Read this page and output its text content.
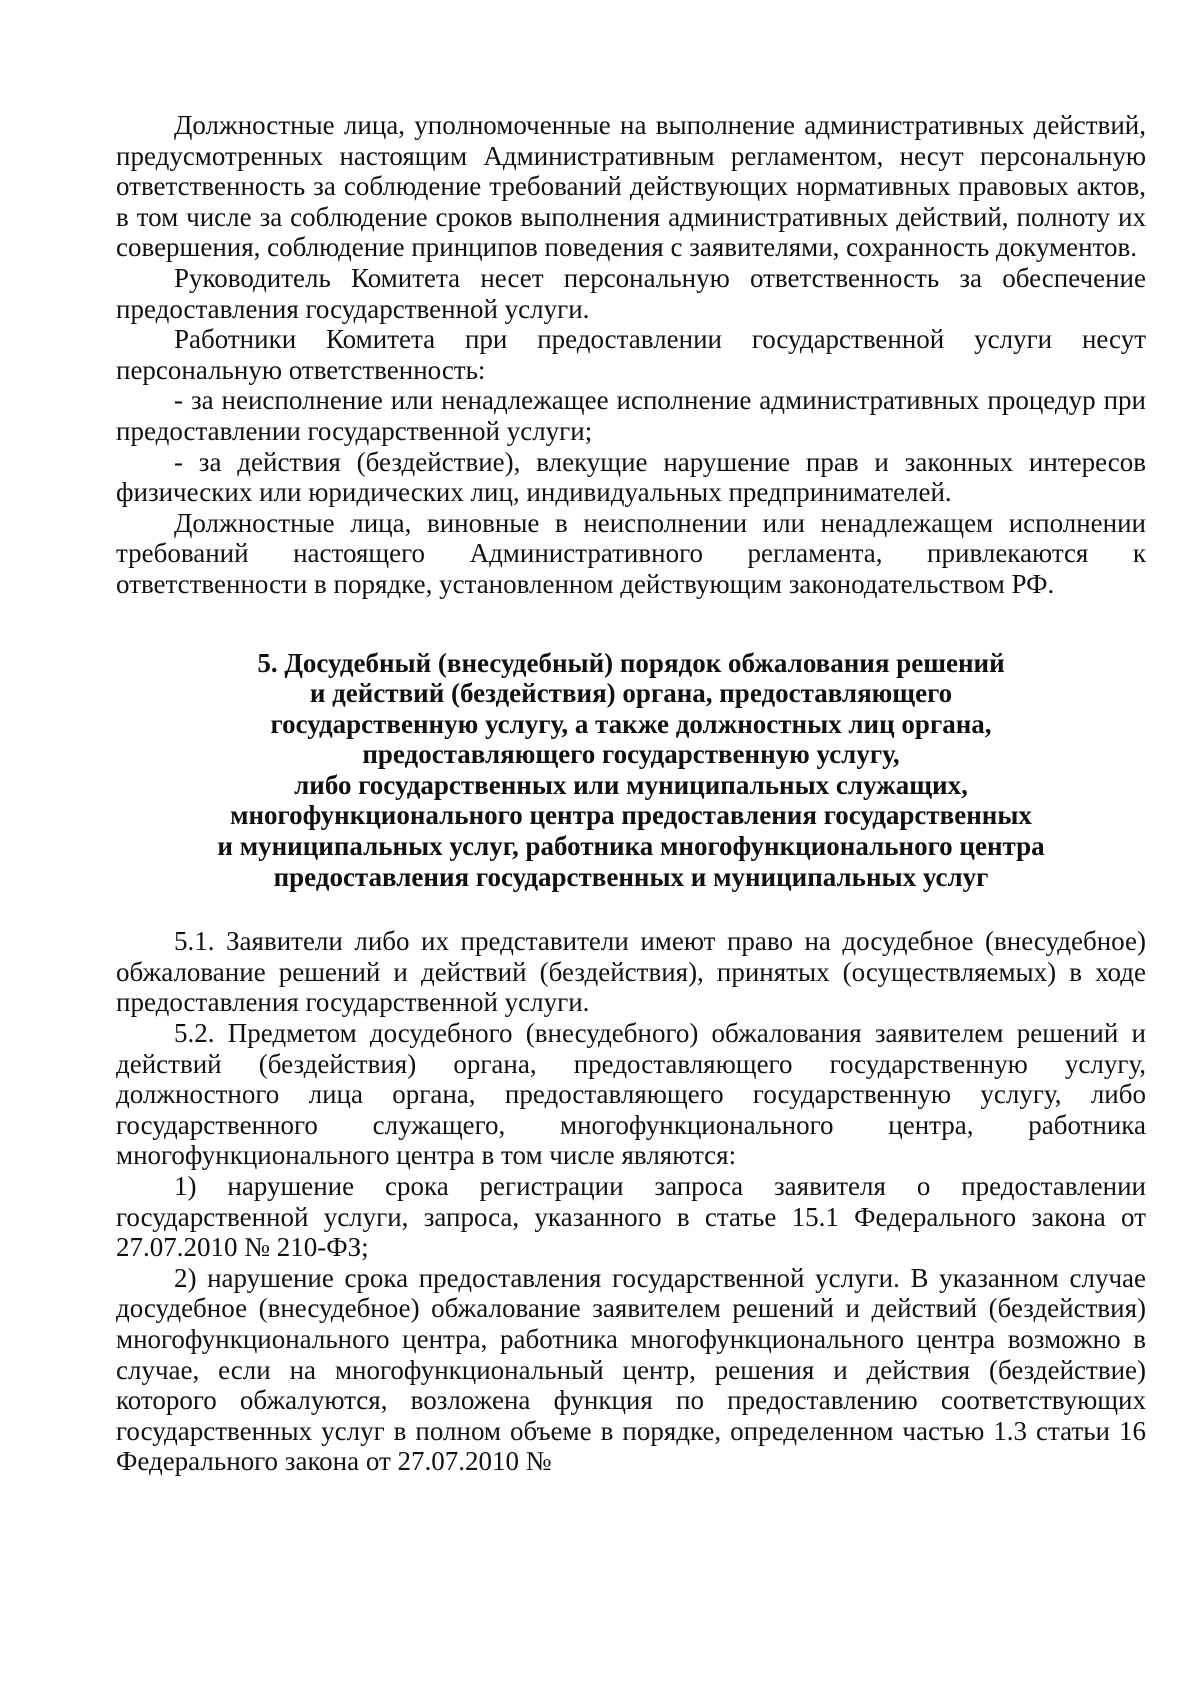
Должностные лица, уполномоченные на выполнение административных действий, предусмотренных настоящим Административным регламентом, несут персональную ответственность за соблюдение требований действующих нормативных правовых актов, в том числе за соблюдение сроков выполнения административных действий, полноту их совершения, соблюдение принципов поведения с заявителями, сохранность документов.

Руководитель Комитета несет персональную ответственность за обеспечение предоставления государственной услуги.

Работники Комитета при предоставлении государственной услуги несут персональную ответственность:

- за неисполнение или ненадлежащее исполнение административных процедур при предоставлении государственной услуги;

- за действия (бездействие), влекущие нарушение прав и законных интересов физических или юридических лиц, индивидуальных предпринимателей.

Должностные лица, виновные в неисполнении или ненадлежащем исполнении требований настоящего Административного регламента, привлекаются к ответственности в порядке, установленном действующим законодательством РФ.

5. Досудебный (внесудебный) порядок обжалования решений
и действий (бездействия) органа, предоставляющего
государственную услугу, а также должностных лиц органа,
предоставляющего государственную услугу,
либо государственных или муниципальных служащих,
многофункционального центра предоставления государственных
и муниципальных услуг, работника многофункционального центра
предоставления государственных и муниципальных услуг

5.1. Заявители либо их представители имеют право на досудебное (внесудебное) обжалование решений и действий (бездействия), принятых (осуществляемых) в ходе предоставления государственной услуги.

5.2. Предметом досудебного (внесудебного) обжалования заявителем решений и действий (бездействия) органа, предоставляющего государственную услугу, должностного лица органа, предоставляющего государственную услугу, либо государственного служащего, многофункционального центра, работника многофункционального центра в том числе являются:

1) нарушение срока регистрации запроса заявителя о предоставлении государственной услуги, запроса, указанного в статье 15.1 Федерального закона от 27.07.2010 № 210-ФЗ;

2) нарушение срока предоставления государственной услуги. В указанном случае досудебное (внесудебное) обжалование заявителем решений и действий (бездействия) многофункционального центра, работника многофункционального центра возможно в случае, если на многофункциональный центр, решения и действия (бездействие) которого обжалуются, возложена функция по предоставлению соответствующих государственных услуг в полном объеме в порядке, определенном частью 1.3 статьи 16 Федерального закона от 27.07.2010 №
